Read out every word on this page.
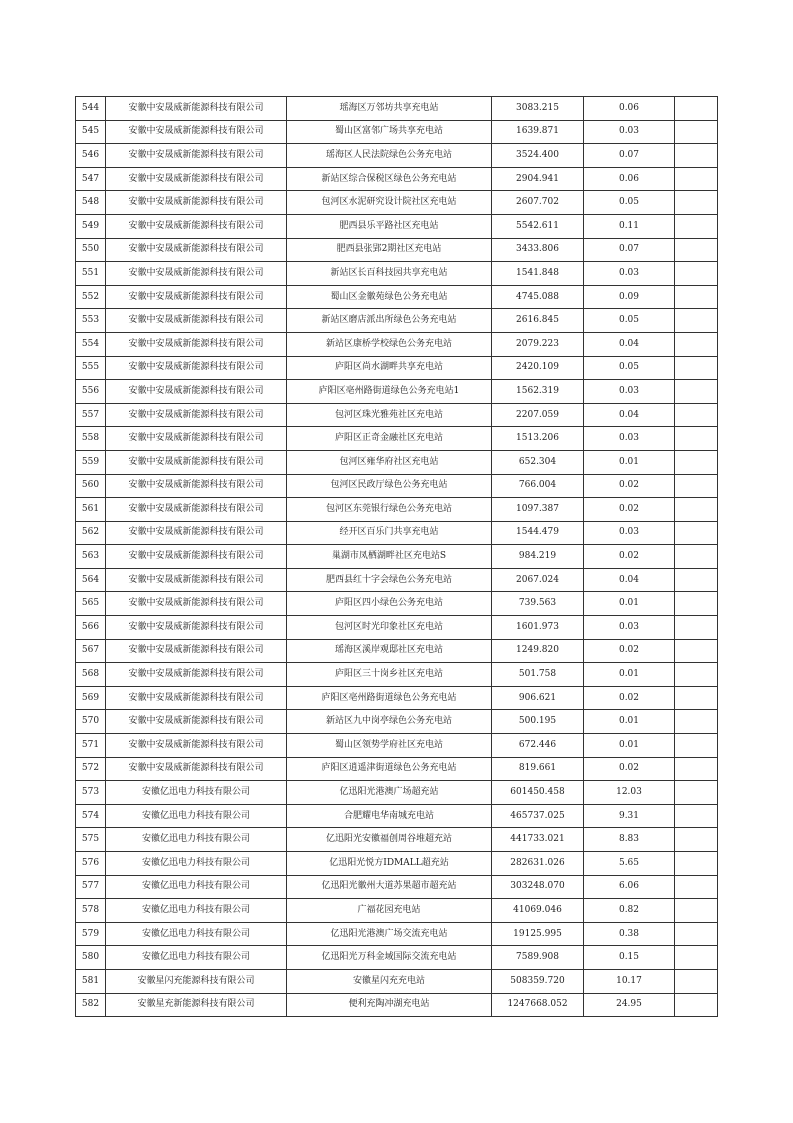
544	安徽中安晟威新能源科技有限公司	瑶海区万邻坊共享充电站	3083.215	0.06	
545	安徽中安晟威新能源科技有限公司	蜀山区富邻广场共享充电站	1639.871	0.03	
546	安徽中安晟威新能源科技有限公司	瑶海区人民法院绿色公务充电站	3524.400	0.07	
547	安徽中安晟威新能源科技有限公司	新站区综合保税区绿色公务充电站	2904.941	0.06	
548	安徽中安晟威新能源科技有限公司	包河区水泥研究设计院社区充电站	2607.702	0.05	
549	安徽中安晟威新能源科技有限公司	肥西县乐平路社区充电站	5542.611	0.11	
550	安徽中安晟威新能源科技有限公司	肥西县张郢2期社区充电站	3433.806	0.07	
551	安徽中安晟威新能源科技有限公司	新站区长百科技园共享充电站	1541.848	0.03	
552	安徽中安晟威新能源科技有限公司	蜀山区金徽苑绿色公务充电站	4745.088	0.09	
553	安徽中安晟威新能源科技有限公司	新站区磨店派出所绿色公务充电站	2616.845	0.05	
554	安徽中安晟威新能源科技有限公司	新站区康桥学校绿色公务充电站	2079.223	0.04	
555	安徽中安晟威新能源科技有限公司	庐阳区尚水湖畔共享充电站	2420.109	0.05	
556	安徽中安晟威新能源科技有限公司	庐阳区亳州路街道绿色公务充电站1	1562.319	0.03	
557	安徽中安晟威新能源科技有限公司	包河区珠光雅苑社区充电站	2207.059	0.04	
558	安徽中安晟威新能源科技有限公司	庐阳区正奇金融社区充电站	1513.206	0.03	
559	安徽中安晟威新能源科技有限公司	包河区雍华府社区充电站	652.304	0.01	
560	安徽中安晟威新能源科技有限公司	包河区民政厅绿色公务充电站	766.004	0.02	
561	安徽中安晟威新能源科技有限公司	包河区东莞银行绿色公务充电站	1097.387	0.02	
562	安徽中安晟威新能源科技有限公司	经开区百乐门共享充电站	1544.479	0.03	
563	安徽中安晟威新能源科技有限公司	巢湖市凤栖湖畔社区充电站S	984.219	0.02	
564	安徽中安晟威新能源科技有限公司	肥西县红十字会绿色公务充电站	2067.024	0.04	
565	安徽中安晟威新能源科技有限公司	庐阳区四小绿色公务充电站	739.563	0.01	
566	安徽中安晟威新能源科技有限公司	包河区时光印象社区充电站	1601.973	0.03	
567	安徽中安晟威新能源科技有限公司	瑶海区溪岸观邸社区充电站	1249.820	0.02	
568	安徽中安晟威新能源科技有限公司	庐阳区三十岗乡社区充电站	501.758	0.01	
569	安徽中安晟威新能源科技有限公司	庐阳区亳州路街道绿色公务充电站	906.621	0.02	
570	安徽中安晟威新能源科技有限公司	新站区九中岗亭绿色公务充电站	500.195	0.01	
571	安徽中安晟威新能源科技有限公司	蜀山区领势学府社区充电站	672.446	0.01	
572	安徽中安晟威新能源科技有限公司	庐阳区逍遥津街道绿色公务充电站	819.661	0.02	
573	安徽亿迅电力科技有限公司	亿迅阳光港澳广场超充站	601450.458	12.03	
574	安徽亿迅电力科技有限公司	合肥耀电华南城充电站	465737.025	9.31	
575	安徽亿迅电力科技有限公司	亿迅阳光安徽福创周谷堆超充站	441733.021	8.83	
576	安徽亿迅电力科技有限公司	亿迅阳光悦方IDMALL超充站	282631.026	5.65	
577	安徽亿迅电力科技有限公司	亿迅阳光徽州大道苏果超市超充站	303248.070	6.06	
578	安徽亿迅电力科技有限公司	广福花园充电站	41069.046	0.82	
579	安徽亿迅电力科技有限公司	亿迅阳光港澳广场交流充电站	19125.995	0.38	
580	安徽亿迅电力科技有限公司	亿迅阳光万科金域国际交流充电站	7589.908	0.15	
581	安徽星闪充能源科技有限公司	安徽星闪充充电站	508359.720	10.17	
582	安徽星充新能源科技有限公司	便利充陶冲湖充电站	1247668.052	24.95	
